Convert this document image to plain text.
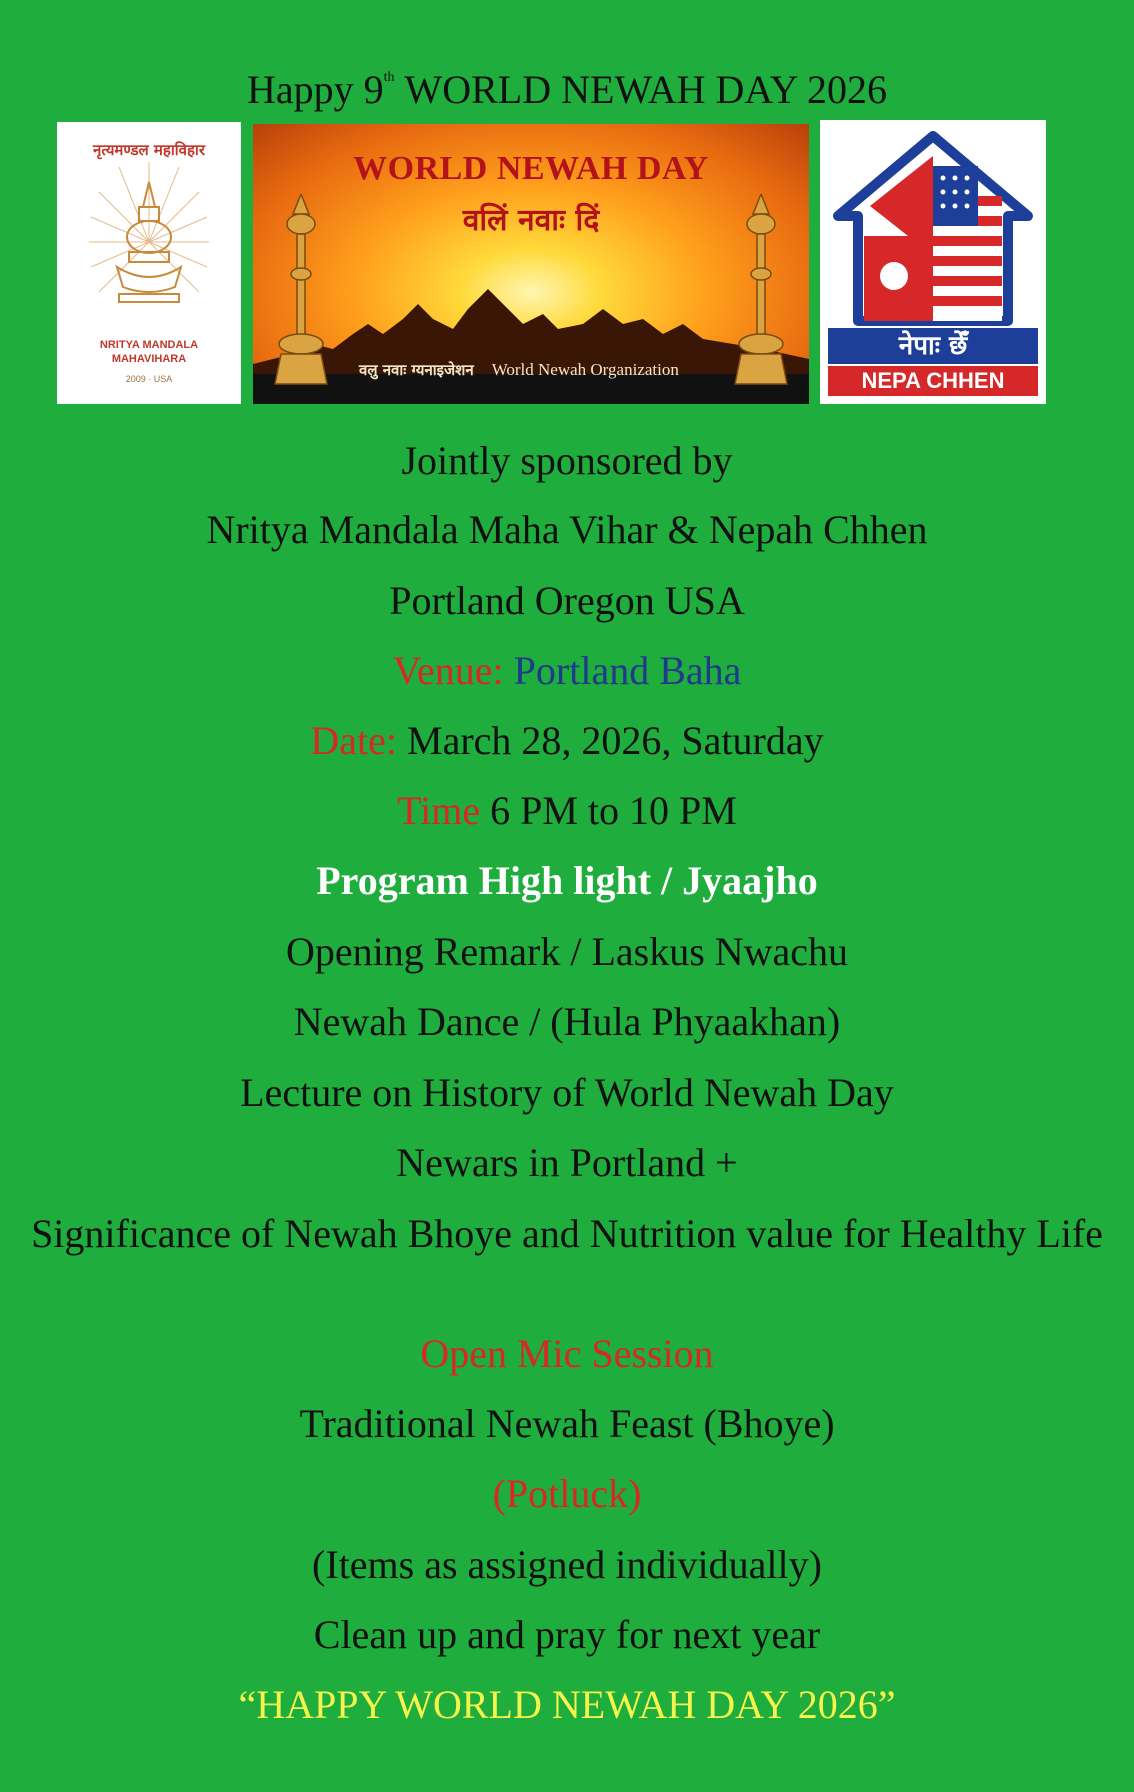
Happy 9th WORLD NEWAH DAY 2026
नृत्यमण्डल महाविहार
NRITYA MANDALA
MAHAVIHARA
2009 · USA
WORLD NEWAH DAY
वलिं नवाः दिं
वलु नवाः ग्यनाइजेशन World Newah Organization
नेपाः छेँ
NEPA CHHEN
Jointly sponsored by
Nritya Mandala Maha Vihar & Nepah Chhen
Portland Oregon USA
Venue: Portland Baha
Date: March 28, 2026, Saturday
Time 6 PM to 10 PM
Program High light / Jyaajho
Opening Remark / Laskus Nwachu
Newah Dance / (Hula Phyaakhan)
Lecture on History of World Newah Day
Newars in Portland +
Significance of Newah Bhoye and Nutrition value for Healthy Life
Open Mic Session
Traditional Newah Feast (Bhoye)
(Potluck)
(Items as assigned individually)
Clean up and pray for next year
“HAPPY WORLD NEWAH DAY 2026”
